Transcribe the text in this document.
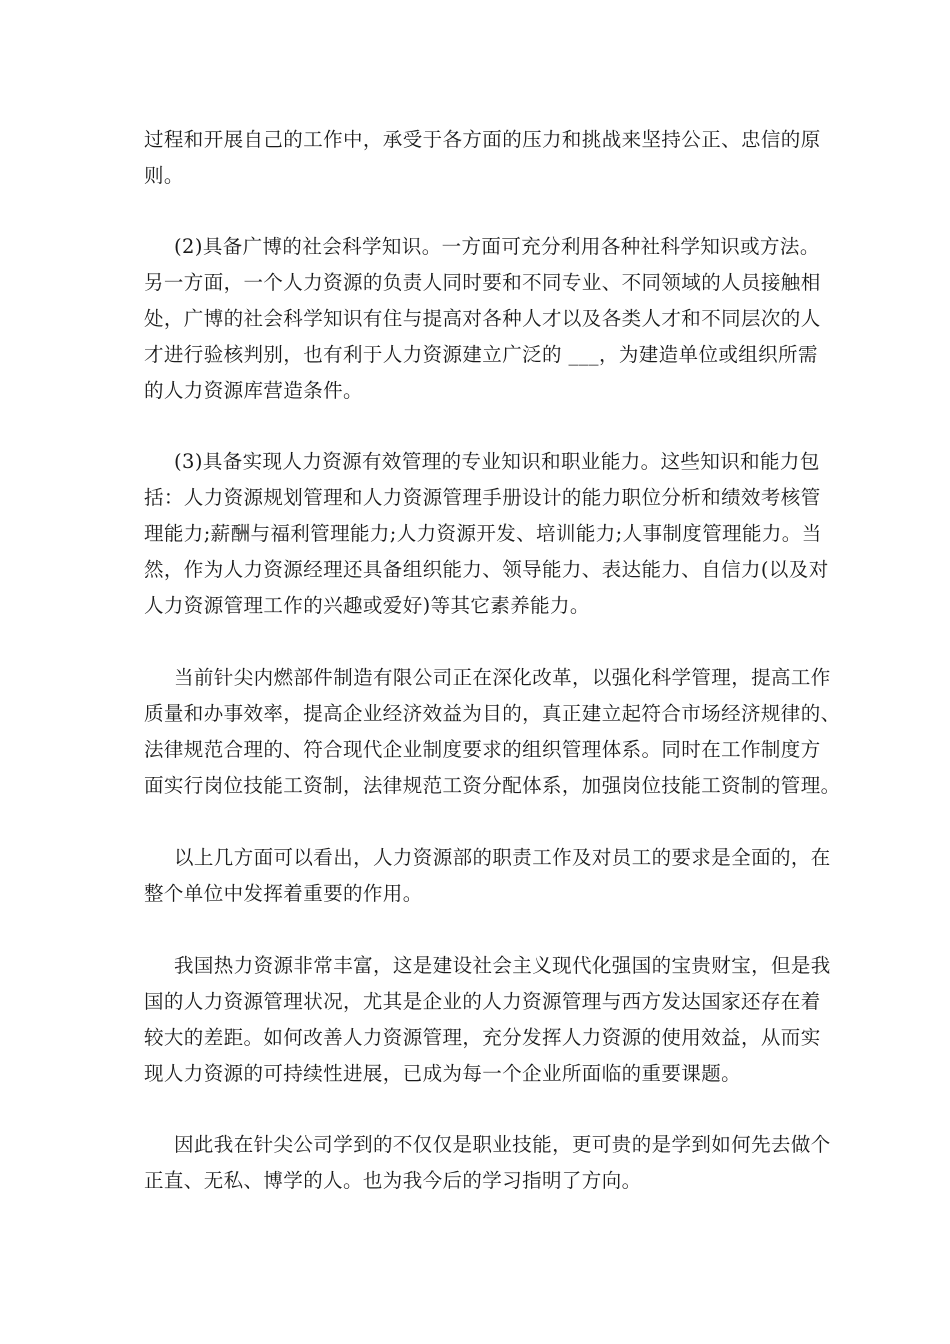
过程和开展自己的工作中，承受于各方面的压力和挑战来坚持公正、忠信的原
则。
(2)具备广博的社会科学知识。一方面可充分利用各种社科学知识或方法。
另一方面，一个人力资源的负责人同时要和不同专业、不同领域的人员接触相
处，广博的社会科学知识有住与提高对各种人才以及各类人才和不同层次的人
才进行验核判别，也有利于人力资源建立广泛的 ___，为建造单位或组织所需
的人力资源库营造条件。
(3)具备实现人力资源有效管理的专业知识和职业能力。这些知识和能力包
括：人力资源规划管理和人力资源管理手册设计的能力职位分析和绩效考核管
理能力;薪酬与福利管理能力;人力资源开发、培训能力;人事制度管理能力。当
然，作为人力资源经理还具备组织能力、领导能力、表达能力、自信力(以及对
人力资源管理工作的兴趣或爱好)等其它素养能力。
当前针尖内燃部件制造有限公司正在深化改革，以强化科学管理，提高工作
质量和办事效率，提高企业经济效益为目的，真正建立起符合市场经济规律的、
法律规范合理的、符合现代企业制度要求的组织管理体系。同时在工作制度方
面实行岗位技能工资制，法律规范工资分配体系，加强岗位技能工资制的管理。
以上几方面可以看出，人力资源部的职责工作及对员工的要求是全面的，在
整个单位中发挥着重要的作用。
我国热力资源非常丰富，这是建设社会主义现代化强国的宝贵财宝，但是我
国的人力资源管理状况，尤其是企业的人力资源管理与西方发达国家还存在着
较大的差距。如何改善人力资源管理，充分发挥人力资源的使用效益，从而实
现人力资源的可持续性进展，已成为每一个企业所面临的重要课题。
因此我在针尖公司学到的不仅仅是职业技能，更可贵的是学到如何先去做个
正直、无私、博学的人。也为我今后的学习指明了方向。
